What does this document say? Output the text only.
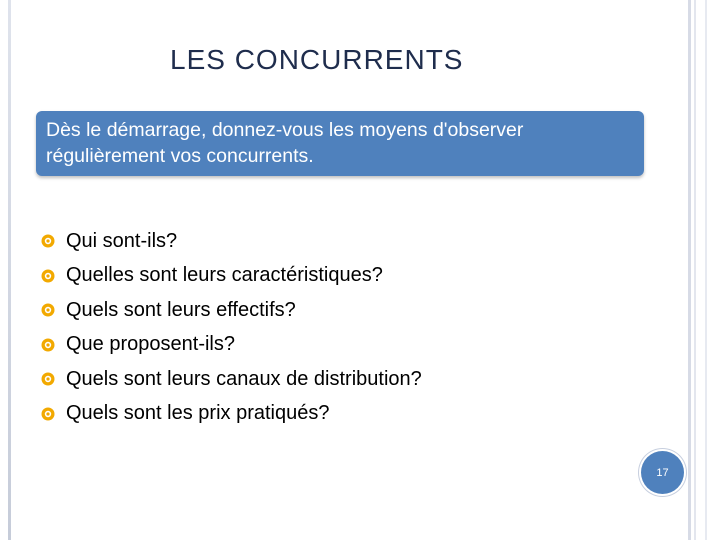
LES CONCURRENTS
Dès le démarrage, donnez-vous les moyens d'observer régulièrement vos concurrents.
Qui sont-ils?
Quelles sont leurs caractéristiques?
Quels sont leurs effectifs?
Que proposent-ils?
Quels sont leurs canaux de distribution?
Quels sont les prix pratiqués?
17
